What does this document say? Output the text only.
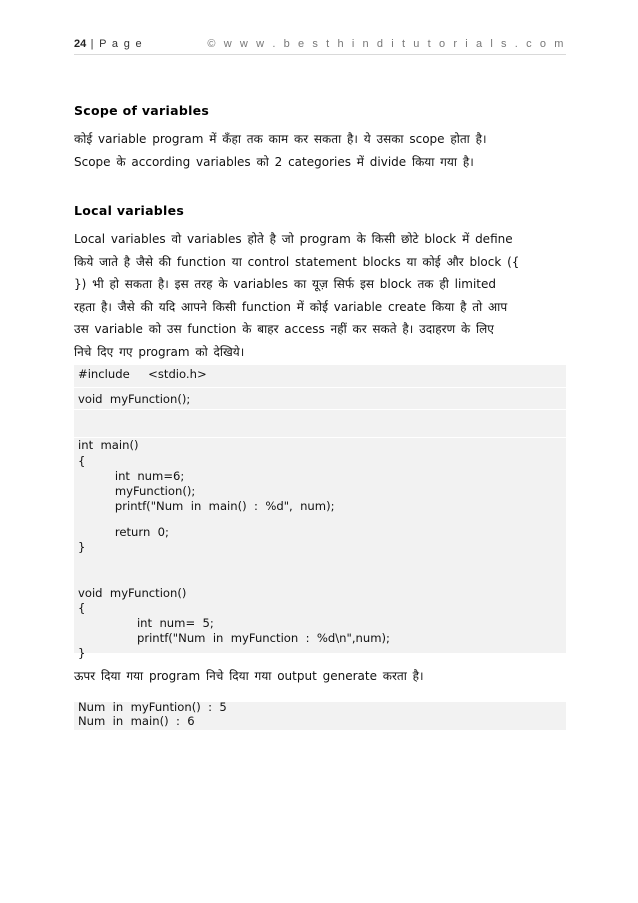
24 | P a g e	© w w w . b e s t h i n d i t u t o r i a l s . c o m
Scope of variables

कोई variable program में कँहा तक काम कर सकता है। ये उसका scope होता है।

Scope के according variables को 2 categories में divide किया गया है।

Local variables

Local variables वो variables होते है जो program के किसी छोटे block में define

किये जाते है जैसे की function या control statement blocks या कोई और block ({

}) भी हो सकता है। इस तरह के variables का यूज़ सिर्फ इस block तक ही limited

रहता है। जैसे की यदि आपने किसी function में कोई variable create किया है तो आप

उस variable को उस function के बाहर access नहीं कर सकते है। उदाहरण के लिए

निचे दिए गए program को देखिये।

#include     <stdio.h>
void  myFunction();
int  main()
{
int  num=6;
myFunction();
printf("Num  in  main()  :  %d",  num);
return  0;
}
void  myFunction()
{
int  num=  5;
printf("Num  in  myFunction  :  %d\n",num);
}

ऊपर दिया गया program निचे दिया गया output generate करता है।

Num  in  myFuntion()  :  5
Num  in  main()  :  6
